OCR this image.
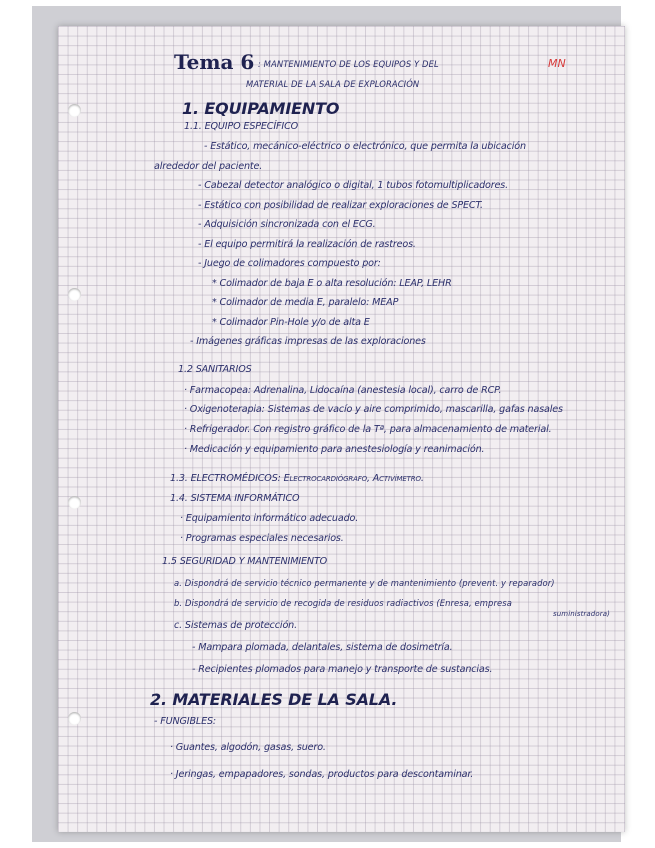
Tema 6 : MANTENIMIENTO DE LOS EQUIPOS Y DEL

MATERIAL DE LA SALA DE EXPLORACIÓN

MN

1. EQUIPAMIENTO

1.1. EQUIPO ESPECÍFICO

- Estático, mecánico-eléctrico o electrónico, que permita la ubicación

alrededor del paciente.

- Cabezal detector analógico o digital, 1 tubos fotomultiplicadores.

- Estático con posibilidad de realizar exploraciones de SPECT.

- Adquisición sincronizada con el ECG.

- El equipo permitirá la realización de rastreos.

- Juego de colimadores compuesto por:

* Colimador de baja E o alta resolución: LEAP, LEHR

* Colimador de media E, paralelo: MEAP

* Colimador Pin-Hole y/o de alta E

- Imágenes gráficas impresas de las exploraciones

1.2 SANITARIOS

· Farmacopea: Adrenalina, Lidocaína (anestesia local), carro de RCP.

· Oxigenoterapia: Sistemas de vacío y aire comprimido, mascarilla, gafas nasales

· Refrigerador. Con registro gráfico de la Tª, para almacenamiento de material.

· Medicación y equipamiento para anestesiología y reanimación.

1.3. ELECTROMÉDICOS: Electrocardiógrafo, Activímetro.

1.4. SISTEMA INFORMÁTICO

· Equipamiento informático adecuado.

· Programas especiales necesarios.

1.5 SEGURIDAD Y MANTENIMIENTO

a. Dispondrá de servicio técnico permanente y de mantenimiento (prevent. y reparador)

b. Dispondrá de servicio de recogida de residuos radiactivos (Enresa, empresa

suministradora)

c. Sistemas de protección.

- Mampara plomada, delantales, sistema de dosimetría.

- Recipientes plomados para manejo y transporte de sustancias.

2. MATERIALES DE LA SALA.

- FUNGIBLES:

· Guantes, algodón, gasas, suero.

· Jeringas, empapadores, sondas, productos para descontaminar.
